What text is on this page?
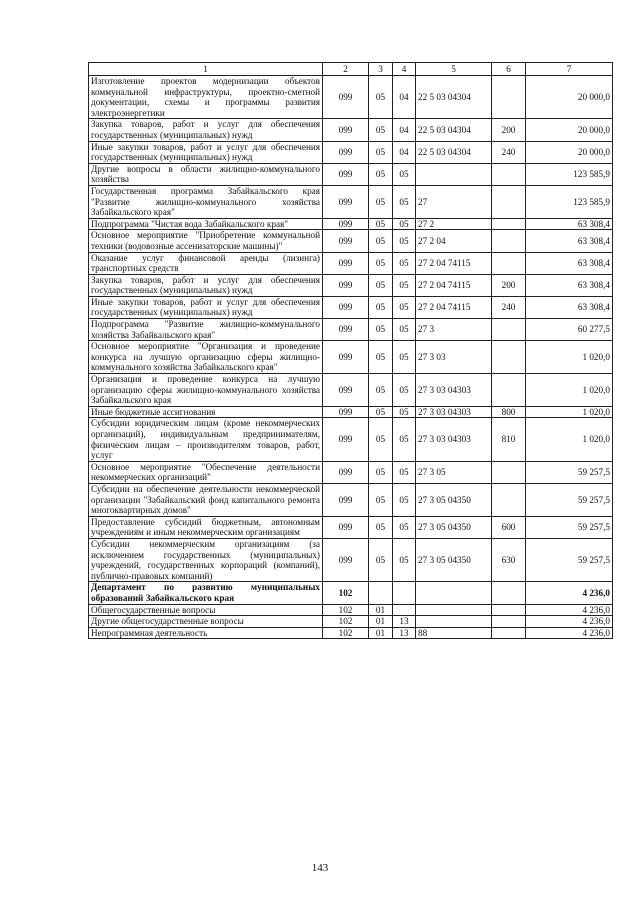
1	2	3	4	5	6	7
Изготовление проектов модернизации объектов коммунальной инфраструктуры, проектно-сметной документации, схемы и программы развития электроэнергетики	099	05	04	22 5 03 04304		20 000,0
Закупка товаров, работ и услуг для обеспечения государственных (муниципальных) нужд	099	05	04	22 5 03 04304	200	20 000,0
Иные закупки товаров, работ и услуг для обеспечения государственных (муниципальных) нужд	099	05	04	22 5 03 04304	240	20 000,0
Другие вопросы в области жилищно-коммунального хозяйства	099	05	05			123 585,9
Государственная программа Забайкальского края "Развитие жилищно-коммунального хозяйства Забайкальского края"	099	05	05	27		123 585,9
Подпрограмма "Чистая вода Забайкальского края"	099	05	05	27 2		63 308,4
Основное мероприятие "Приобретение коммунальной техники (водовозные ассенизаторские машины)"	099	05	05	27 2 04		63 308,4
Оказание услуг финансовой аренды (лизинга) транспортных средств	099	05	05	27 2 04 74115		63 308,4
Закупка товаров, работ и услуг для обеспечения государственных (муниципальных) нужд	099	05	05	27 2 04 74115	200	63 308,4
Иные закупки товаров, работ и услуг для обеспечения государственных (муниципальных) нужд	099	05	05	27 2 04 74115	240	63 308,4
Подпрограмма "Развитие жилищно-коммунального хозяйства Забайкальского края"	099	05	05	27 3		60 277,5
Основное мероприятие "Организация и проведение конкурса на лучшую организацию сферы жилищно-коммунального хозяйства Забайкальского края"	099	05	05	27 3 03		1 020,0
Организация и проведение конкурса на лучшую организацию сферы жилищно-коммунального хозяйства Забайкальского края	099	05	05	27 3 03 04303		1 020,0
Иные бюджетные ассигнования	099	05	05	27 3 03 04303	800	1 020,0
Субсидии юридическим лицам (кроме некоммерческих организаций), индивидуальным предпринимателям, физическим лицам – производителям товаров, работ, услуг	099	05	05	27 3 03 04303	810	1 020,0
Основное мероприятие "Обеспечение деятельности некоммерческих организаций"	099	05	05	27 3 05		59 257,5
Субсидии на обеспечение деятельности некоммерческой организации "Забайкальский фонд капитального ремонта многоквартирных домов"	099	05	05	27 3 05 04350		59 257,5
Предоставление субсидий бюджетным, автономным учреждениям и иным некоммерческим организациям	099	05	05	27 3 05 04350	600	59 257,5
Субсидии некоммерческим организациям (за исключением государственных (муниципальных) учреждений, государственных корпораций (компаний), публично-правовых компаний)	099	05	05	27 3 05 04350	630	59 257,5
Департамент по развитию муниципальных образований Забайкальского края	102					4 236,0
Общегосударственные вопросы	102	01				4 236,0
Другие общегосударственные вопросы	102	01	13			4 236,0
Непрограммная деятельность	102	01	13	88		4 236,0
143
